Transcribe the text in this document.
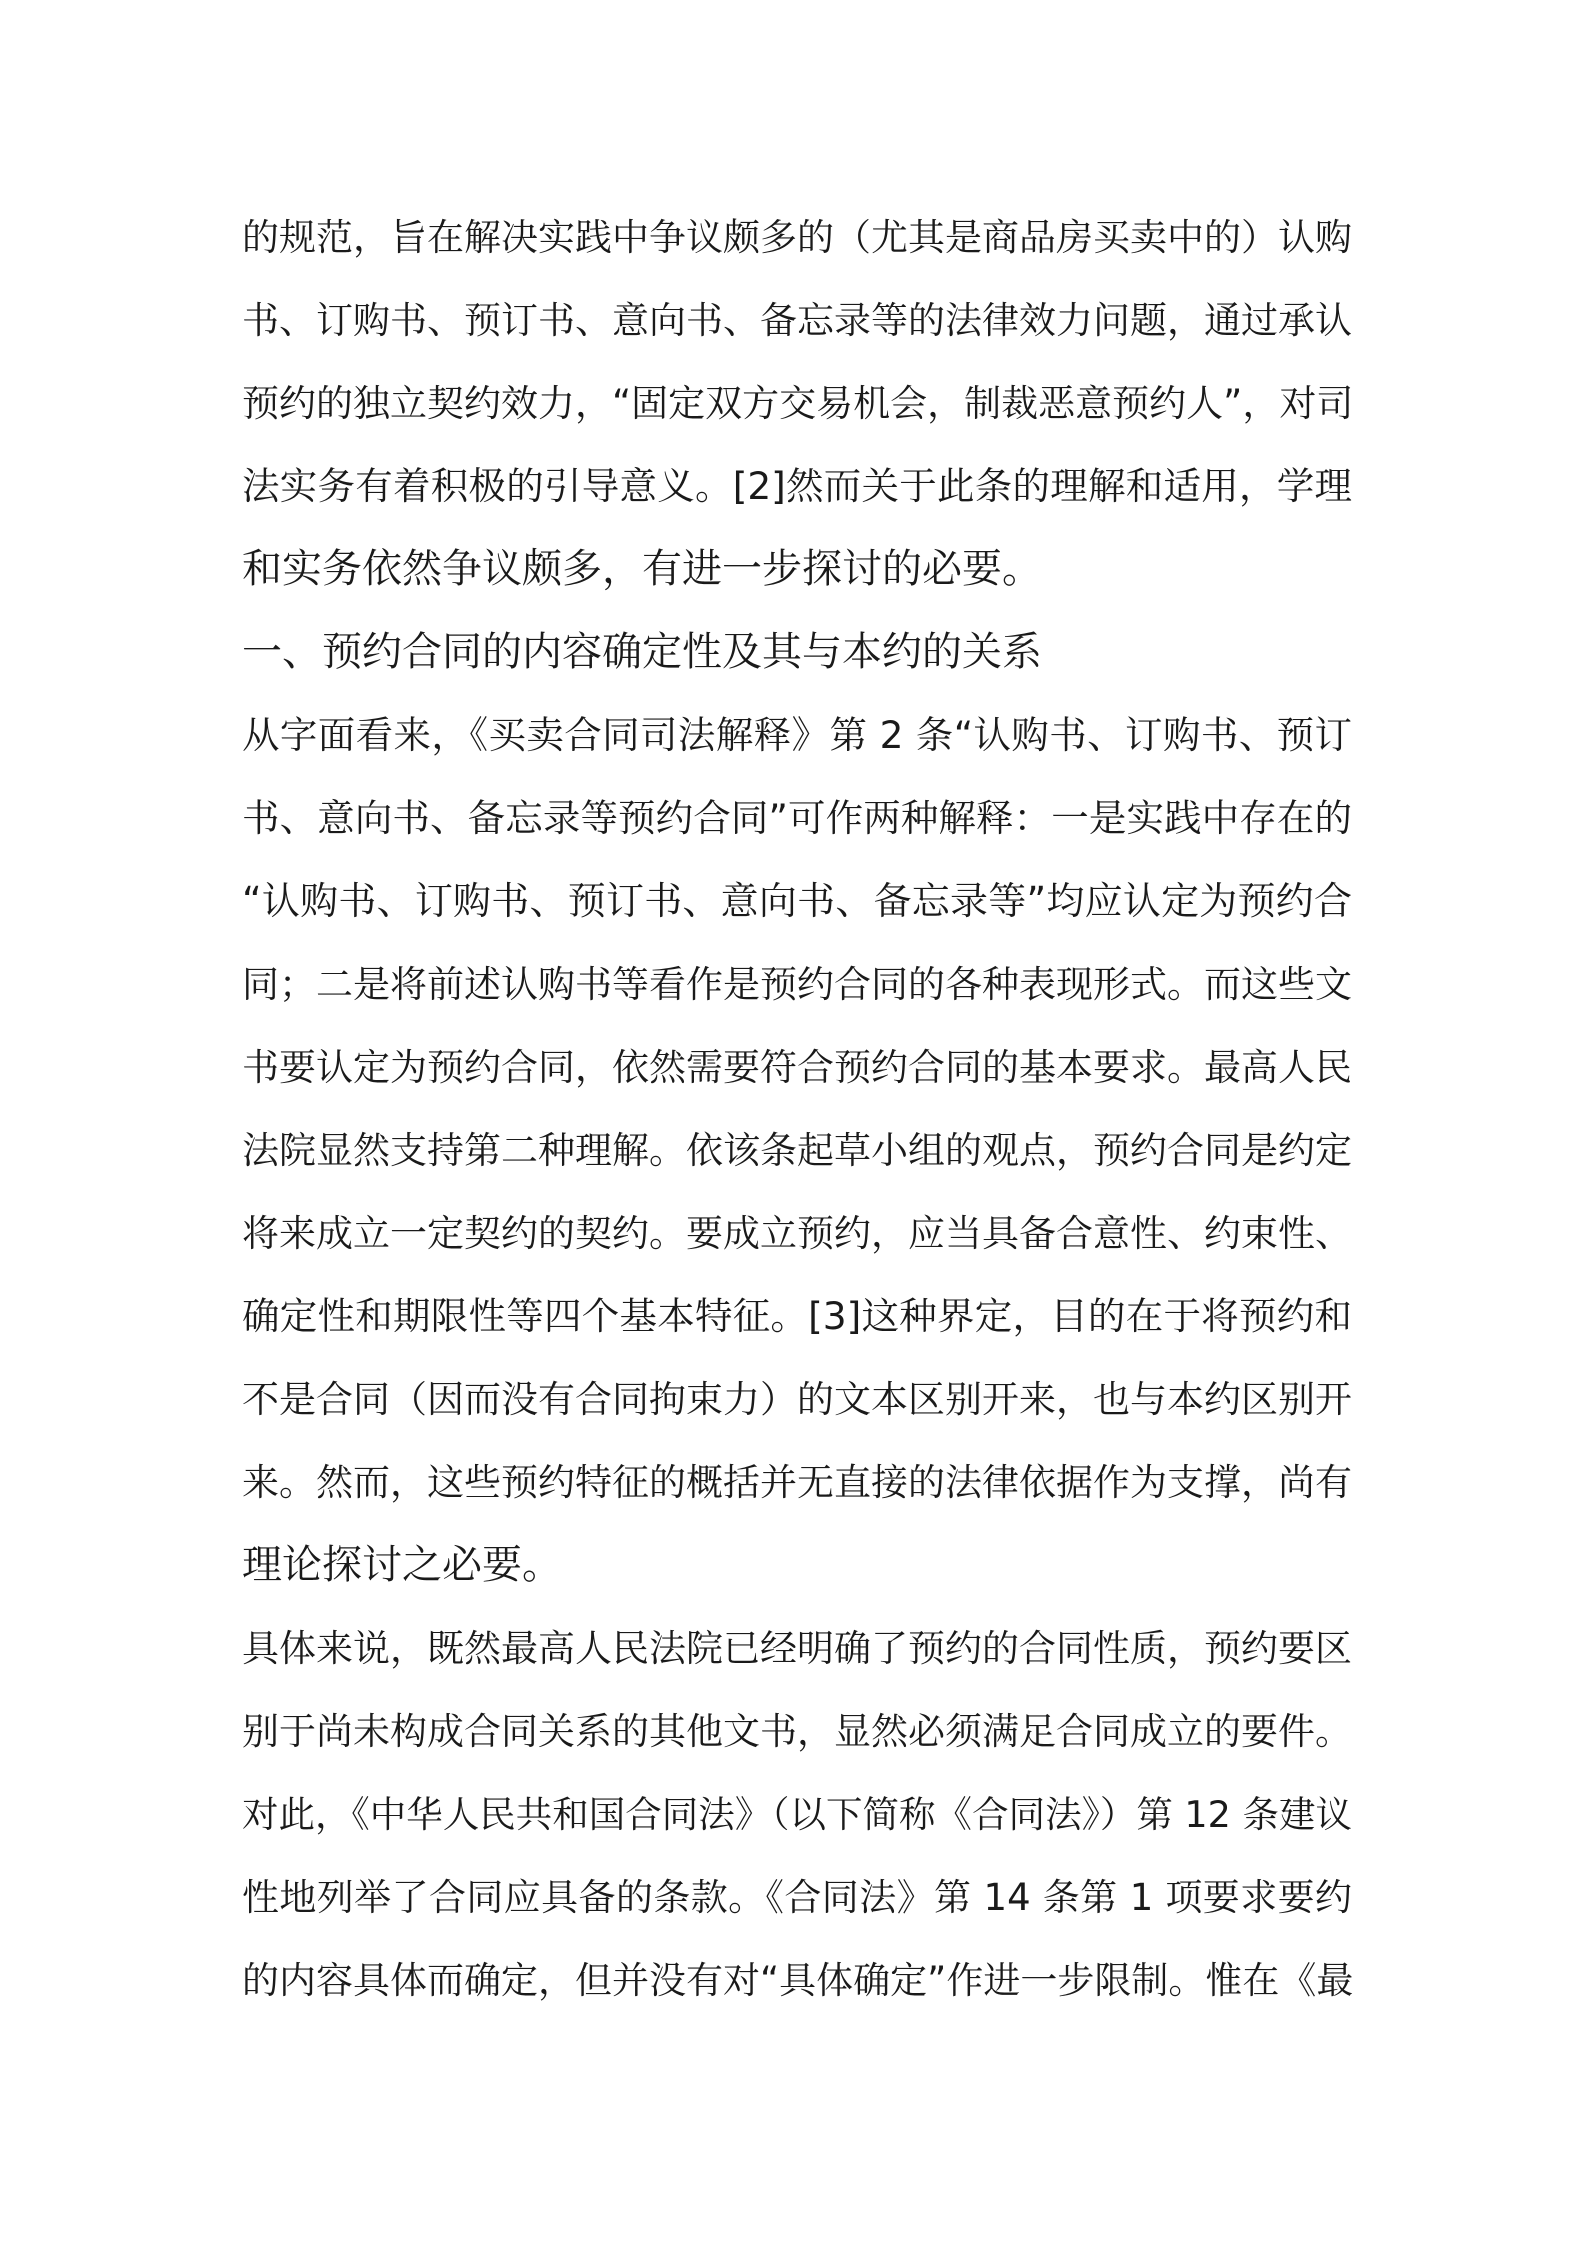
的规范，旨在解决实践中争议颇多的（尤其是商品房买卖中的）认购
书、订购书、预订书、意向书、备忘录等的法律效力问题，通过承认
预约的独立契约效力，“固定双方交易机会，制裁恶意预约人”，对司
法实务有着积极的引导意义。[2]然而关于此条的理解和适用，学理
和实务依然争议颇多，有进一步探讨的必要。
一、预约合同的内容确定性及其与本约的关系
从字面看来，《买卖合同司法解释》第 2 条“认购书、订购书、预订
书、意向书、备忘录等预约合同”可作两种解释：一是实践中存在的
“认购书、订购书、预订书、意向书、备忘录等”均应认定为预约合
同；二是将前述认购书等看作是预约合同的各种表现形式。而这些文
书要认定为预约合同，依然需要符合预约合同的基本要求。最高人民
法院显然支持第二种理解。依该条起草小组的观点，预约合同是约定
将来成立一定契约的契约。要成立预约，应当具备合意性、约束性、
确定性和期限性等四个基本特征。[3]这种界定，目的在于将预约和
不是合同（因而没有合同拘束力）的文本区别开来，也与本约区别开
来。然而，这些预约特征的概括并无直接的法律依据作为支撑，尚有
理论探讨之必要。
具体来说，既然最高人民法院已经明确了预约的合同性质，预约要区
别于尚未构成合同关系的其他文书，显然必须满足合同成立的要件。
对此，《中华人民共和国合同法》（以下简称《合同法》）第 12 条建议
性地列举了合同应具备的条款。《合同法》第 14 条第 1 项要求要约
的内容具体而确定，但并没有对“具体确定”作进一步限制。惟在《最
